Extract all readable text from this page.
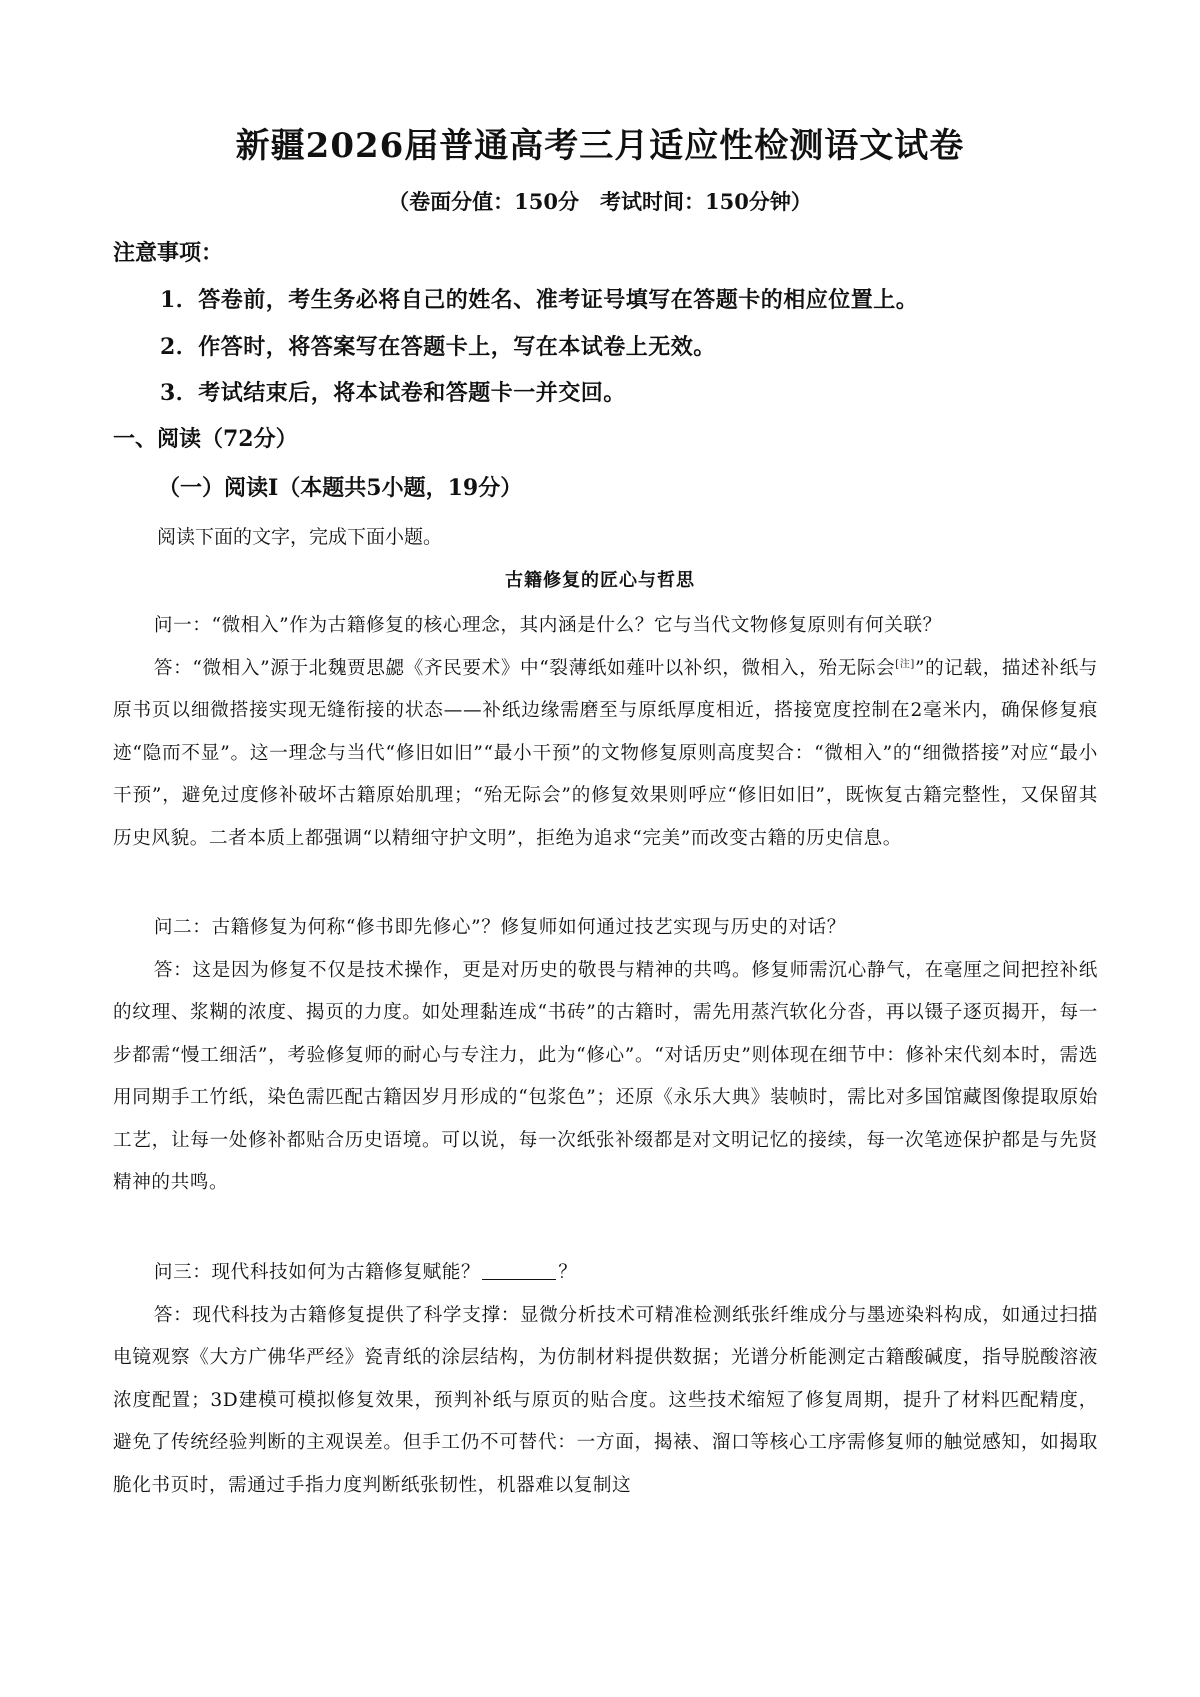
新疆2026届普通高考三月适应性检测语文试卷
（卷面分值：150分　考试时间：150分钟）
注意事项：
1．答卷前，考生务必将自己的姓名、准考证号填写在答题卡的相应位置上。
2．作答时，将答案写在答题卡上，写在本试卷上无效。
3．考试结束后，将本试卷和答题卡一并交回。
一、阅读（72分）
（一）阅读Ⅰ（本题共5小题，19分）
阅读下面的文字，完成下面小题。
古籍修复的匠心与哲思
问一：“微相入”作为古籍修复的核心理念，其内涵是什么？它与当代文物修复原则有何关联？
答：“微相入”源于北魏贾思勰《齐民要术》中“裂薄纸如薤叶以补织，微相入，殆无际会[注]”的记载，描述补纸与原书页以细微搭接实现无缝衔接的状态——补纸边缘需磨至与原纸厚度相近，搭接宽度控制在2毫米内，确保修复痕迹“隐而不显”。这一理念与当代“修旧如旧”“最小干预”的文物修复原则高度契合：“微相入”的“细微搭接”对应“最小干预”，避免过度修补破坏古籍原始肌理；“殆无际会”的修复效果则呼应“修旧如旧”，既恢复古籍完整性，又保留其历史风貌。二者本质上都强调“以精细守护文明”，拒绝为追求“完美”而改变古籍的历史信息。
问二：古籍修复为何称“修书即先修心”？修复师如何通过技艺实现与历史的对话？
答：这是因为修复不仅是技术操作，更是对历史的敬畏与精神的共鸣。修复师需沉心静气，在毫厘之间把控补纸的纹理、浆糊的浓度、揭页的力度。如处理黏连成“书砖”的古籍时，需先用蒸汽软化分沓，再以镊子逐页揭开，每一步都需“慢工细活”，考验修复师的耐心与专注力，此为“修心”。“对话历史”则体现在细节中：修补宋代刻本时，需选用同期手工竹纸，染色需匹配古籍因岁月形成的“包浆色”；还原《永乐大典》装帧时，需比对多国馆藏图像提取原始工艺，让每一处修补都贴合历史语境。可以说，每一次纸张补缀都是对文明记忆的接续，每一次笔迹保护都是与先贤精神的共鸣。
问三：现代科技如何为古籍修复赋能？	？
答：现代科技为古籍修复提供了科学支撑：显微分析技术可精准检测纸张纤维成分与墨迹染料构成，如通过扫描电镜观察《大方广佛华严经》瓷青纸的涂层结构，为仿制材料提供数据；光谱分析能测定古籍酸碱度，指导脱酸溶液浓度配置；3D建模可模拟修复效果，预判补纸与原页的贴合度。这些技术缩短了修复周期，提升了材料匹配精度，避免了传统经验判断的主观误差。但手工仍不可替代：一方面，揭裱、溜口等核心工序需修复师的触觉感知，如揭取脆化书页时，需通过手指力度判断纸张韧性，机器难以复制这
